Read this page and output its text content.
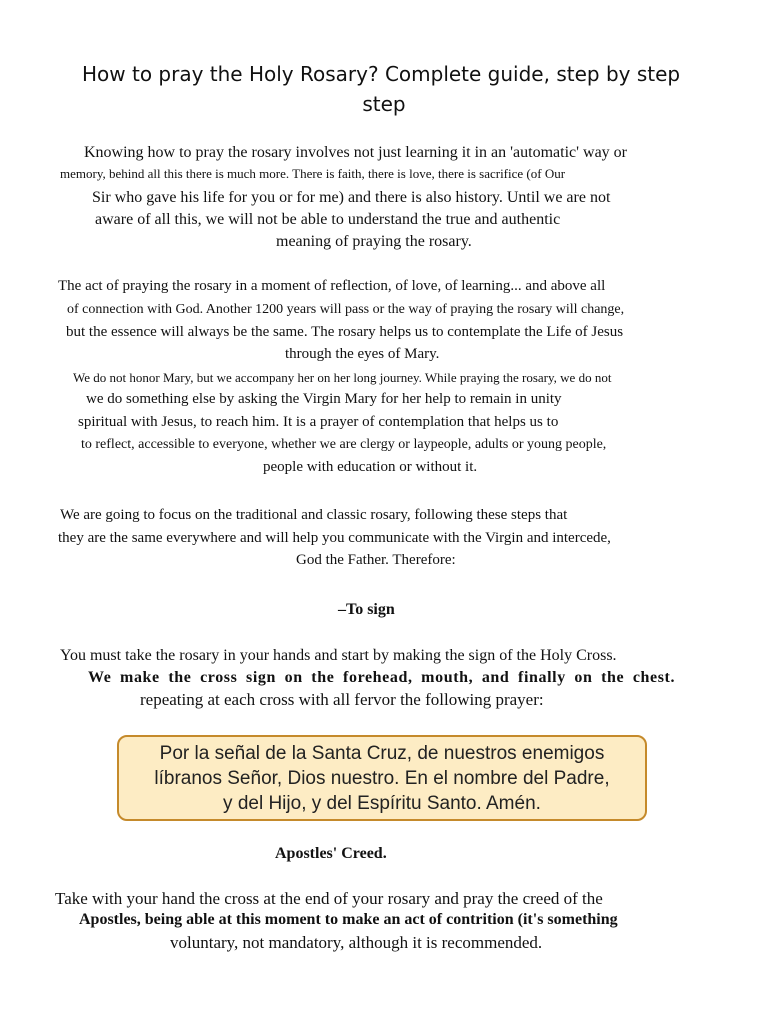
How to pray the Holy Rosary? Complete guide, step by step
step
Knowing how to pray the rosary involves not just learning it in an 'automatic' way or
memory, behind all this there is much more. There is faith, there is love, there is sacrifice (of Our
Sir who gave his life for you or for me) and there is also history. Until we are not
aware of all this, we will not be able to understand the true and authentic
meaning of praying the rosary.
The act of praying the rosary in a moment of reflection, of love, of learning... and above all
of connection with God. Another 1200 years will pass or the way of praying the rosary will change,
but the essence will always be the same. The rosary helps us to contemplate the Life of Jesus
through the eyes of Mary.
We do not honor Mary, but we accompany her on her long journey. While praying the rosary, we do not
we do something else by asking the Virgin Mary for her help to remain in unity
spiritual with Jesus, to reach him. It is a prayer of contemplation that helps us to
to reflect, accessible to everyone, whether we are clergy or laypeople, adults or young people,
people with education or without it.
We are going to focus on the traditional and classic rosary, following these steps that
they are the same everywhere and will help you communicate with the Virgin and intercede,
God the Father. Therefore:
–To sign
You must take the rosary in your hands and start by making the sign of the Holy Cross.
We make the cross sign on the forehead, mouth, and finally on the chest.
repeating at each cross with all fervor the following prayer:
Por la señal de la Santa Cruz, de nuestros enemigos
líbranos Señor, Dios nuestro. En el nombre del Padre,
y del Hijo, y del Espíritu Santo. Amén.
Apostles' Creed.
Take with your hand the cross at the end of your rosary and pray the creed of the
Apostles, being able at this moment to make an act of contrition (it's something
voluntary, not mandatory, although it is recommended.
